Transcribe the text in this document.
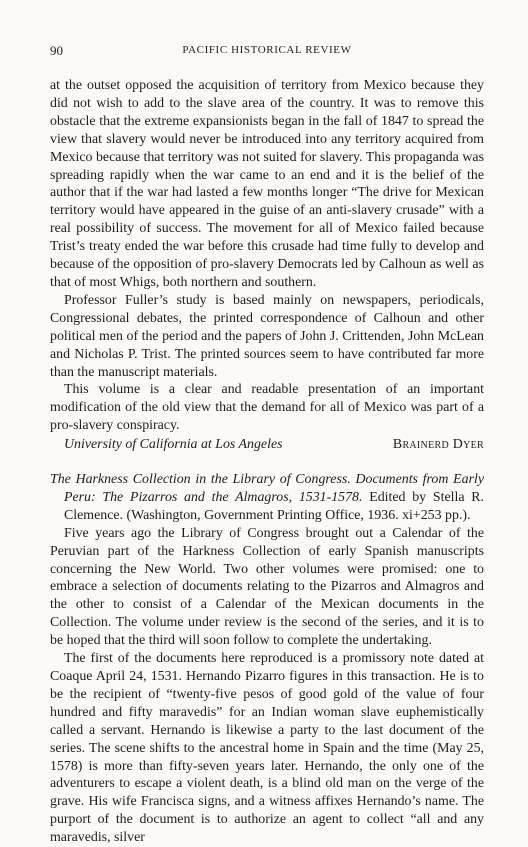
90	PACIFIC HISTORICAL REVIEW

at the outset opposed the acquisition of territory from Mexico because they did not wish to add to the slave area of the country. It was to remove this obstacle that the extreme expansionists began in the fall of 1847 to spread the view that slavery would never be introduced into any territory acquired from Mexico because that territory was not suited for slavery. This propaganda was spreading rapidly when the war came to an end and it is the belief of the author that if the war had lasted a few months longer “The drive for Mexican territory would have appeared in the guise of an anti-slavery crusade” with a real possibility of success. The movement for all of Mexico failed because Trist’s treaty ended the war before this crusade had time fully to develop and because of the opposition of pro-slavery Democrats led by Calhoun as well as that of most Whigs, both northern and southern.

Professor Fuller’s study is based mainly on newspapers, periodicals, Congressional debates, the printed correspondence of Calhoun and other political men of the period and the papers of John J. Crittenden, John McLean and Nicholas P. Trist. The printed sources seem to have contributed far more than the manuscript materials.

This volume is a clear and readable presentation of an important modification of the old view that the demand for all of Mexico was part of a pro-slavery conspiracy.

University of California at Los Angeles	Brainerd Dyer

The Harkness Collection in the Library of Congress. Documents from Early Peru: The Pizarros and the Almagros, 1531-1578. Edited by Stella R. Clemence. (Washington, Government Printing Office, 1936. xi+253 pp.).

Five years ago the Library of Congress brought out a Calendar of the Peruvian part of the Harkness Collection of early Spanish manuscripts concerning the New World. Two other volumes were promised: one to embrace a selection of documents relating to the Pizarros and Almagros and the other to consist of a Calendar of the Mexican documents in the Collection. The volume under review is the second of the series, and it is to be hoped that the third will soon follow to complete the undertaking.

The first of the documents here reproduced is a promissory note dated at Coaque April 24, 1531. Hernando Pizarro figures in this transaction. He is to be the recipient of “twenty-five pesos of good gold of the value of four hundred and fifty maravedis” for an Indian woman slave euphemistically called a servant. Hernando is likewise a party to the last document of the series. The scene shifts to the ancestral home in Spain and the time (May 25, 1578) is more than fifty-seven years later. Hernando, the only one of the adventurers to escape a violent death, is a blind old man on the verge of the grave. His wife Francisca signs, and a witness affixes Hernando’s name. The purport of the document is to authorize an agent to collect “all and any maravedis, silver
